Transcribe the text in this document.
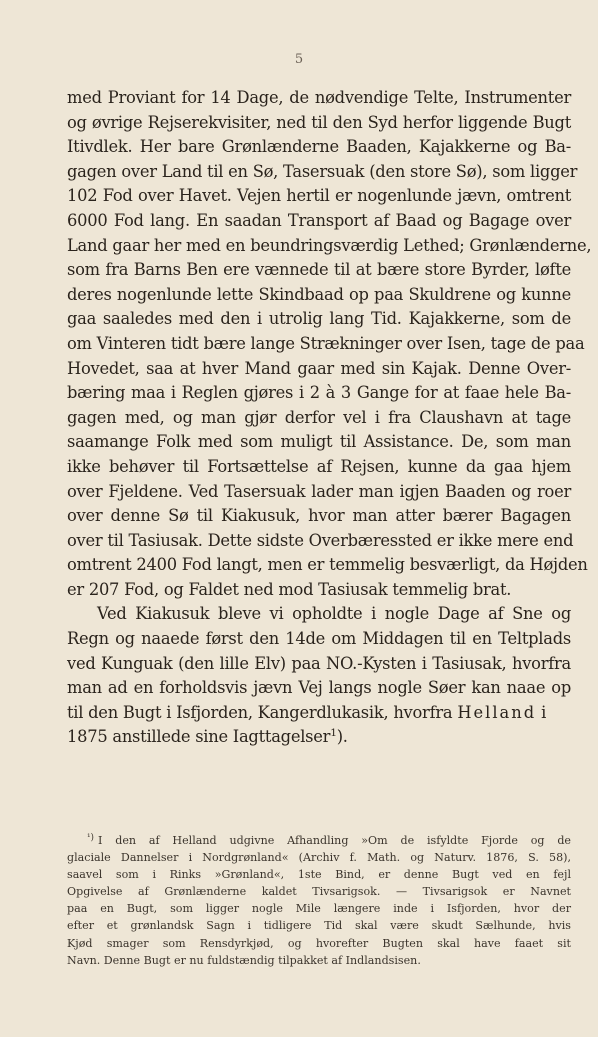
5
med Proviant for 14 Dage, de nødvendige Telte, Instrumenter
og øvrige Rejserekvisiter, ned til den Syd herfor liggende Bugt
Itivdlek. Her bare Grønlænderne Baaden, Kajakkerne og Ba-
gagen over Land til en Sø, Tasersuak (den store Sø), som ligger
102 Fod over Havet. Vejen hertil er nogenlunde jævn, omtrent
6000 Fod lang. En saadan Transport af Baad og Bagage over
Land gaar her med en beundringsværdig Lethed; Grønlænderne,
som fra Barns Ben ere vænnede til at bære store Byrder, løfte
deres nogenlunde lette Skindbaad op paa Skuldrene og kunne
gaa saaledes med den i utrolig lang Tid. Kajakkerne, som de
om Vinteren tidt bære lange Strækninger over Isen, tage de paa
Hovedet, saa at hver Mand gaar med sin Kajak. Denne Over-
bæring maa i Reglen gjøres i 2 à 3 Gange for at faae hele Ba-
gagen med, og man gjør derfor vel i fra Claushavn at tage
saamange Folk med som muligt til Assistance. De, som man
ikke behøver til Fortsættelse af Rejsen, kunne da gaa hjem
over Fjeldene. Ved Tasersuak lader man igjen Baaden og roer
over denne Sø til Kiakusuk, hvor man atter bærer Bagagen
over til Tasiusak. Dette sidste Overbæressted er ikke mere end
omtrent 2400 Fod langt, men er temmelig besværligt, da Højden
er 207 Fod, og Faldet ned mod Tasiusak temmelig brat.
Ved Kiakusuk bleve vi opholdte i nogle Dage af Sne og
Regn og naaede først den 14de om Middagen til en Teltplads
ved Kunguak (den lille Elv) paa NO.-Kysten i Tasiusak, hvorfra
man ad en forholdsvis jævn Vej langs nogle Søer kan naae op
til den Bugt i Isfjorden, Kangerdlukasik, hvorfra Helland i
1875 anstillede sine Iagttagelser$^1$).
$^{^1)}$ I den af Helland udgivne Afhandling »Om de isfyldte Fjorde og de
glaciale Dannelser i Nordgrønland« (Archiv f. Math. og Naturv. 1876, S. 58),
saavel som i Rinks »Grønland«, 1ste Bind, er denne Bugt ved en fejl
Opgivelse af Grønlænderne kaldet Tivsarigsok. — Tivsarigsok er Navnet
paa en Bugt, som ligger nogle Mile længere inde i Isfjorden, hvor der
efter et grønlandsk Sagn i tidligere Tid skal være skudt Sælhunde, hvis
Kjød smager som Rensdyrkjød, og hvorefter Bugten skal have faaet sit
Navn. Denne Bugt er nu fuldstændig tilpakket af Indlandsisen.
